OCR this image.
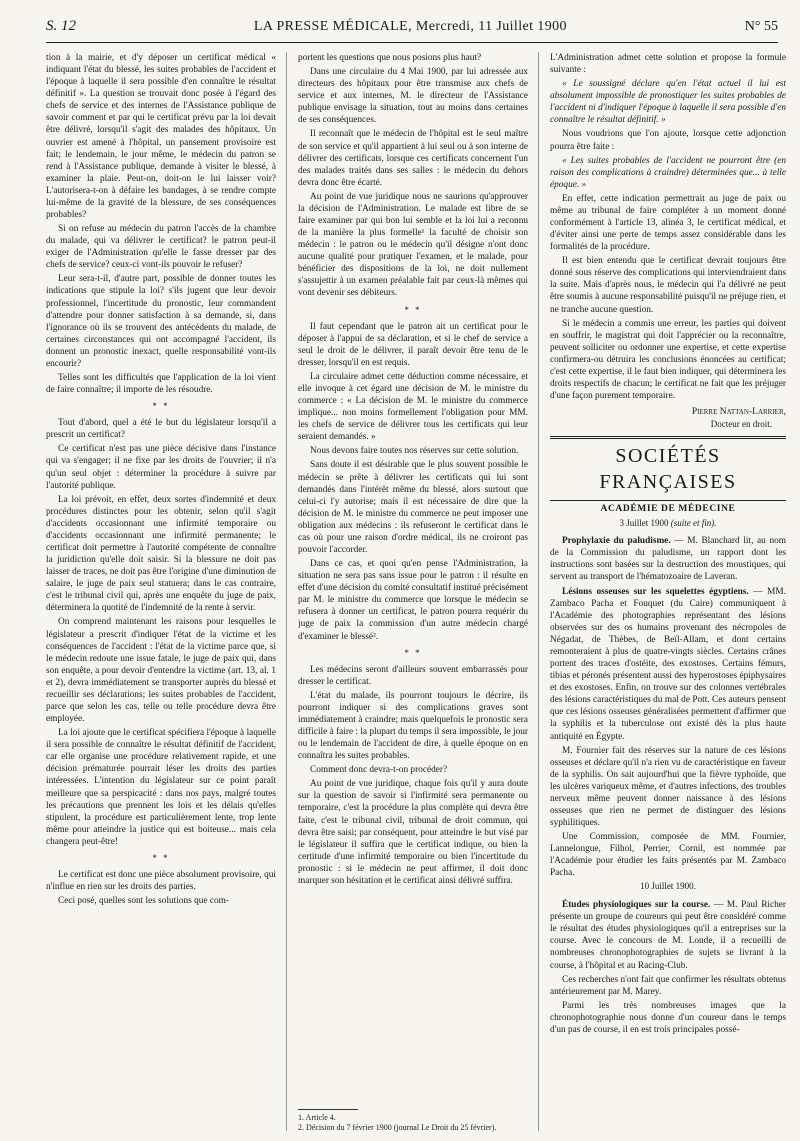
S. 12	LA PRESSE MÉDICALE, Mercredi, 11 Juillet 1900	N° 55

tion à la mairie, et d'y déposer un certificat médical « indiquant l'état du blessé, les suites probables de l'accident et l'époque à laquelle il sera possible d'en connaître le résultat définitif ». La question se trouvait donc posée à l'égard des chefs de service et des internes de l'Assistance publique de savoir comment et par qui le certificat prévu par la loi devait être délivré, lorsqu'il s'agit des malades des hôpitaux. Un ouvrier est amené à l'hôpital, un pansement provisoire est fait; le lendemain, le jour même, le médecin du patron se rend à l'Assistance publique, demande à visiter le blessé, à examiner la plaie. Peut-on, doit-on le lui laisser voir? L'autorisera-t-on à défaire les bandages, à se rendre compte lui-même de la gravité de la blessure, de ses conséquences probables?

Si on refuse au médecin du patron l'accès de la chambre du malade, qui va délivrer le certificat? le patron peut-il exiger de l'Administration qu'elle le fasse dresser par des chefs de service? ceux-ci vont-ils pouvoir le refuser?

Leur sera-t-il, d'autre part, possible de donner toutes les indications que stipule la loi? s'ils jugent que leur devoir professionnel, l'incertitude du pronostic, leur commandent d'attendre pour donner satisfaction à sa demande, si, dans l'ignorance où ils se trouvent des antécédents du malade, de certaines circonstances qui ont accompagné l'accident, ils donnent un pronostic inexact, quelle responsabilité vont-ils encourir?

Telles sont les difficultés que l'application de la loi vient de faire connaître; il importe de les résoudre.

* *

Tout d'abord, quel a été le but du législateur lorsqu'il a prescrit un certificat?

Ce certificat n'est pas une pièce décisive dans l'instance qui va s'engager; il ne fixe par les droits de l'ouvrier; il n'a qu'un seul objet : déterminer la procédure à suivre par l'autorité publique.

La loi prévoit, en effet, deux sortes d'indemnité et deux procédures distinctes pour les obtenir, selon qu'il s'agit d'accidents occasionnant une infirmité temporaire ou d'accidents occasionnant une infirmité permanente; le certificat doit permettre à l'autorité compétente de connaître la juridiction qu'elle doit saisir. Si la blessure ne doit pas laisser de traces, ne doit pas être l'origine d'une diminution de salaire, le juge de paix seul statuera; dans le cas contraire, c'est le tribunal civil qui, après une enquête du juge de paix, déterminera la quotité de l'indemnité de la rente à servir.

On comprend maintenant les raisons pour lesquelles le législateur a prescrit d'indiquer l'état de la victime et les conséquences de l'accident : l'état de la victime parce que, si le médecin redoute une issue fatale, le juge de paix qui, dans son enquête, a pour devoir d'entendre la victime (art. 13, al. 1 et 2), devra immédiatement se transporter auprès du blessé et recueillir ses déclarations; les suites probables de l'accident, parce que selon les cas, telle ou telle procédure devra être employée.

La loi ajoute que le certificat spécifiera l'époque à laquelle il sera possible de connaître le résultat définitif de l'accident, car elle organise une procédure relativement rapide, et une décision prématurée pourrait léser les droits des parties intéressées. L'intention du législateur sur ce point paraît meilleure que sa perspicacité : dans nos pays, malgré toutes les précautions que prennent les lois et les délais qu'elles stipulent, la procédure est particulièrement lente, trop lente même pour atteindre la justice qui est boiteuse... mais cela changera peut-être!

* *

Le certificat est donc une pièce absolument provisoire, qui n'influe en rien sur les droits des parties.

Ceci posé, quelles sont les solutions que com-

portent les questions que nous posions plus haut?

Dans une circulaire du 4 Mai 1900, par lui adressée aux directeurs des hôpitaux pour être transmise aux chefs de service et aux internes, M. le directeur de l'Assistance publique envisage la situation, tout au moins dans certaines de ses conséquences.

Il reconnaît que le médecin de l'hôpital est le seul maître de son service et qu'il appartient à lui seul ou à son interne de délivrer des certificats, lorsque ces certificats concernent l'un des malades traités dans ses salles : le médecin du dehors devra donc être écarté.

Au point de vue juridique nous ne saurions qu'approuver la décision de l'Administration. Le malade est libre de se faire examiner par qui bon lui semble et la loi lui a reconnu de la manière la plus formelle¹ la faculté de choisir son médecin : le patron ou le médecin qu'il désigne n'ont donc aucune qualité pour pratiquer l'examen, et le malade, pour bénéficier des dispositions de la loi, ne doit nullement s'assujettir à un examen préalable fait par ceux-là mêmes qui vont devenir ses débiteurs.

* *

Il faut cependant que le patron ait un certificat pour le déposer à l'appui de sa déclaration, et si le chef de service a seul le droit de le délivrer, il paraît devoir être tenu de le dresser, lorsqu'il en est requis.

La circulaire admet cette déduction comme nécessaire, et elle invoque à cet égard une décision de M. le ministre du commerce : « La décision de M. le ministre du commerce implique... non moins formellement l'obligation pour MM. les chefs de service de délivrer tous les certificats qui leur seraient demandés. »

Nous devons faire toutes nos réserves sur cette solution.

Sans doute il est désirable que le plus souvent possible le médecin se prête à délivrer les certificats qui lui sont demandés dans l'intérêt même du blessé, alors surtout que celui-ci l'y autorise; mais il est nécessaire de dire que la décision de M. le ministre du commerce ne peut imposer une obligation aux médecins : ils refuseront le certificat dans le cas où pour une raison d'ordre médical, ils ne croiront pas pouvoir l'accorder.

Dans ce cas, et quoi qu'en pense l'Administration, la situation ne sera pas sans issue pour le patron : il résulte en effet d'une décision du comité consultatif institué précisément par M. le ministre du commerce que lorsque le médecin se refusera à donner un certificat, le patron pourra requérir du juge de paix la commission d'un autre médecin chargé d'examiner le blessé².

* *

Les médecins seront d'ailleurs souvent embarrassés pour dresser le certificat.

L'état du malade, ils pourront toujours le décrire, ils pourront indiquer si des complications graves sont immédiatement à craindre; mais quelquefois le pronostic sera difficile à faire : la plupart du temps il sera impossible, le jour ou le lendemain de l'accident de dire, à quelle époque on en connaîtra les suites probables.

Comment donc devra-t-on procéder?

Au point de vue juridique, chaque fois qu'il y aura doute sur la question de savoir si l'infirmité sera permanente ou temporaire, c'est la procédure la plus complète qui devra être faite, c'est le tribunal civil, tribunal de droit commun, qui devra être saisi; par conséquent, pour atteindre le but visé par le législateur il suffira que le certificat indique, ou bien la certitude d'une infirmité temporaire ou bien l'incertitude du pronostic : si le médecin ne peut affirmer, il doit donc marquer son hésitation et le certificat ainsi délivré suffira.

1. Article 4.

2. Décision du 7 février 1900 (journal Le Droit du 25 février).

L'Administration admet cette solution et propose la formule suivante :

« Le soussigné déclare qu'en l'état actuel il lui est absolument impossible de pronostiquer les suites probables de l'accident ni d'indiquer l'époque à laquelle il sera possible d'en connaître le résultat définitif. »

Nous voudrions que l'on ajoute, lorsque cette adjonction pourra être faite :

« Les suites probables de l'accident ne pourront être (en raison des complications à craindre) déterminées que... à telle époque. »

En effet, cette indication permettrait au juge de paix ou même au tribunal de faire compléter à un moment donné conformément à l'article 13, alinéa 3, le certificat médical, et d'éviter ainsi une perte de temps assez considérable dans les formalités de la procédure.

Il est bien entendu que le certificat devrait toujours être donné sous réserve des complications qui interviendraient dans la suite. Mais d'après nous, le médecin qui l'a délivré ne peut être soumis à aucune responsabilité puisqu'il ne préjuge rien, et ne tranche aucune question.

Si le médecin a commis une erreur, les parties qui doivent en souffrir, le magistrat qui doit l'apprécier ou la reconnaître, peuvent solliciter ou ordonner une expertise, et cette expertise confirmera-ou détruira les conclusions énoncées au certificat; c'est cette expertise, il le faut bien indiquer, qui déterminera les droits respectifs de chacun; le certificat ne fait que les préjuger d'une façon purement temporaire.

Pierre Nattan-Larrier,
Docteur en droit.
SOCIÉTÉS FRANÇAISES
ACADÉMIE DE MÉDECINE
3 Juillet 1900 (suite et fin).

Prophylaxie du paludisme. — M. Blanchard lit, au nom de la Commission du paludisme, un rapport dont les instructions sont basées sur la destruction des moustiques, qui servent au transport de l'hématozoaire de Laveran.

Lésions osseuses sur les squelettes égyptiens. — MM. Zambaco Pacha et Fouquet (du Caire) communiquent à l'Académie des photographies représentant des lésions observées sur des os humains provenant des nécropoles de Négadat, de Thèbes, de Beïl-Allam, et dont certains remonteraient à plus de quatre-vingts siècles. Certains crânes portent des traces d'ostéite, des exostoses. Certains fémurs, tibias et péronés présentent aussi des hyperostoses épiphysaires et des exostoses. Enfin, on trouve sur des colonnes vertébrales des lésions caractéristiques du mal de Pott. Ces auteurs pensent que ces lésions osseuses généralisées permettent d'affirmer que la syphilis et la tuberculose ont existé dès la plus haute antiquité en Égypte.

M. Fournier fait des réserves sur la nature de ces lésions osseuses et déclare qu'il n'a rien vu de caractéristique en faveur de la syphilis. On sait aujourd'hui que la fièvre typhoïde, que les ulcères variqueux même, et d'autres infections, des troubles nerveux même peuvent donner naissance à des lésions osseuses que rien ne permet de distinguer des lésions syphilitiques.

Une Commission, composée de MM. Fournier, Lannelongue, Filhol, Perrier, Cornil, est nommée par l'Académie pour étudier les faits présentés par M. Zambaco Pacha.

10 Juillet 1900.

Études physiologiques sur la course. — M. Paul Richer présente un groupe de coureurs qui peut être considéré comme le résultat des études physiologiques qu'il a entreprises sur la course. Avec le concours de M. Londe, il a recueilli de nombreuses chronophotographies de sujets se livrant à la course, à l'hôpital et au Racing-Club.

Ces recherches n'ont fait que confirmer les résultats obtenus antérieurement par M. Marey.

Parmi les très nombreuses images que la chronophotographie nous donne d'un coureur dans le temps d'un pas de course, il en est trois principales possé-
